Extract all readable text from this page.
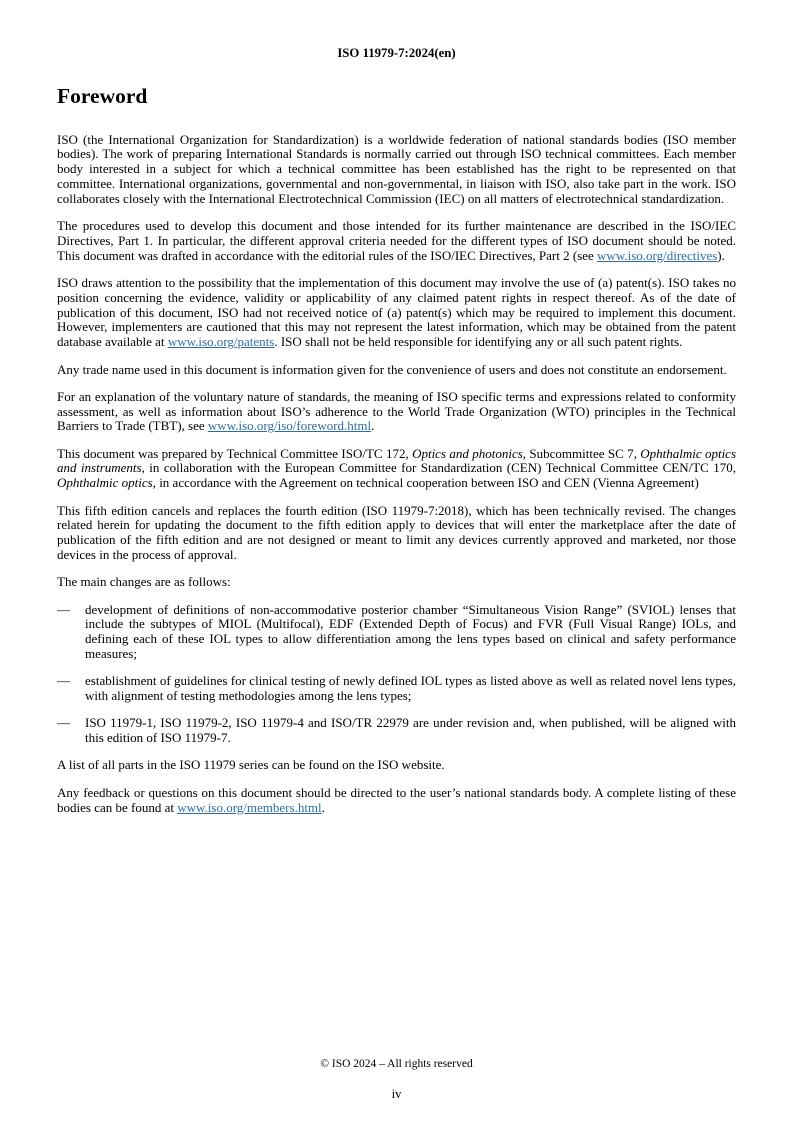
ISO 11979-7:2024(en)
Foreword

ISO (the International Organization for Standardization) is a worldwide federation of national standards bodies (ISO member bodies). The work of preparing International Standards is normally carried out through ISO technical committees. Each member body interested in a subject for which a technical committee has been established has the right to be represented on that committee. International organizations, governmental and non-governmental, in liaison with ISO, also take part in the work. ISO collaborates closely with the International Electrotechnical Commission (IEC) on all matters of electrotechnical standardization.

The procedures used to develop this document and those intended for its further maintenance are described in the ISO/IEC Directives, Part 1. In particular, the different approval criteria needed for the different types of ISO document should be noted. This document was drafted in accordance with the editorial rules of the ISO/IEC Directives, Part 2 (see www.iso.org/directives).

ISO draws attention to the possibility that the implementation of this document may involve the use of (a) patent(s). ISO takes no position concerning the evidence, validity or applicability of any claimed patent rights in respect thereof. As of the date of publication of this document, ISO had not received notice of (a) patent(s) which may be required to implement this document. However, implementers are cautioned that this may not represent the latest information, which may be obtained from the patent database available at www.iso.org/patents. ISO shall not be held responsible for identifying any or all such patent rights.

Any trade name used in this document is information given for the convenience of users and does not constitute an endorsement.

For an explanation of the voluntary nature of standards, the meaning of ISO specific terms and expressions related to conformity assessment, as well as information about ISO’s adherence to the World Trade Organization (WTO) principles in the Technical Barriers to Trade (TBT), see www.iso.org/iso/foreword.html.

This document was prepared by Technical Committee ISO/TC 172, Optics and photonics, Subcommittee SC 7, Ophthalmic optics and instruments, in collaboration with the European Committee for Standardization (CEN) Technical Committee CEN/TC 170, Ophthalmic optics, in accordance with the Agreement on technical cooperation between ISO and CEN (Vienna Agreement)

This fifth edition cancels and replaces the fourth edition (ISO 11979-7:2018), which has been technically revised. The changes related herein for updating the document to the fifth edition apply to devices that will enter the marketplace after the date of publication of the fifth edition and are not designed or meant to limit any devices currently approved and marketed, nor those devices in the process of approval.

The main changes are as follows:

—	development of definitions of non-accommodative posterior chamber “Simultaneous Vision Range” (SVIOL) lenses that include the subtypes of MIOL (Multifocal), EDF (Extended Depth of Focus) and FVR (Full Visual Range) IOLs, and defining each of these IOL types to allow differentiation among the lens types based on clinical and safety performance measures;
—	establishment of guidelines for clinical testing of newly defined IOL types as listed above as well as related novel lens types, with alignment of testing methodologies among the lens types;
—	ISO 11979-1, ISO 11979-2, ISO 11979-4 and ISO/TR 22979 are under revision and, when published, will be aligned with this edition of ISO 11979-7.

A list of all parts in the ISO 11979 series can be found on the ISO website.

Any feedback or questions on this document should be directed to the user’s national standards body. A complete listing of these bodies can be found at www.iso.org/members.html.

© ISO 2024 – All rights reserved
iv
